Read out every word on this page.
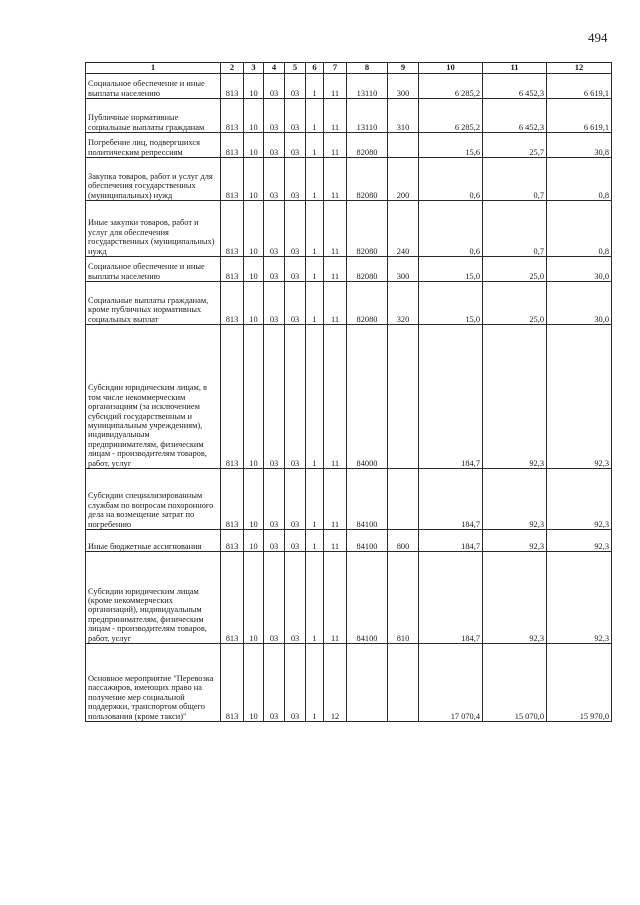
494
1	2	3	4	5	6	7	8	9	10	11	12
Социальное обеспечение и иные выплаты населению	813	10	03	03	1	11	13110	300	6 285,2	6 452,3	6 619,1
Публичные нормативные социальные выплаты гражданам	813	10	03	03	1	11	13110	310	6 285,2	6 452,3	6 619,1
Погребение лиц, подвергшихся политическим репрессиям	813	10	03	03	1	11	82080		15,6	25,7	30,8
Закупка товаров, работ и услуг для обеспечения государственных (муниципальных) нужд	813	10	03	03	1	11	82080	200	0,6	0,7	0,8
Иные закупки товаров, работ и услуг для обеспечения государственных (муниципальных) нужд	813	10	03	03	1	11	82080	240	0,6	0,7	0,8
Социальное обеспечение и иные выплаты населению	813	10	03	03	1	11	82080	300	15,0	25,0	30,0
Социальные выплаты гражданам, кроме публичных нормативных социальных выплат	813	10	03	03	1	11	82080	320	15,0	25,0	30,0
Субсидии юридическим лицам, в том числе некоммерческим организациям (за исключением субсидий государственным и муниципальным учреждениям), индивидуальным предпринимателям, физическим лицам - производителям товаров, работ, услуг	813	10	03	03	1	11	84000		184,7	92,3	92,3
Субсидии специализированным службам по вопросам похоронного дела на возмещение затрат по погребению	813	10	03	03	1	11	84100		184,7	92,3	92,3
Иные бюджетные ассигнования	813	10	03	03	1	11	84100	800	184,7	92,3	92,3
Субсидии юридическим лицам (кроме некоммерческих организаций), индивидуальным предпринимателям, физическим лицам - производителям товаров, работ, услуг	813	10	03	03	1	11	84100	810	184,7	92,3	92,3
Основное мероприятие "Перевозка пассажиров, имеющих право на получение мер социальной поддержки, транспортом общего пользования (кроме такси)"	813	10	03	03	1	12			17 070,4	15 070,0	15 970,0
